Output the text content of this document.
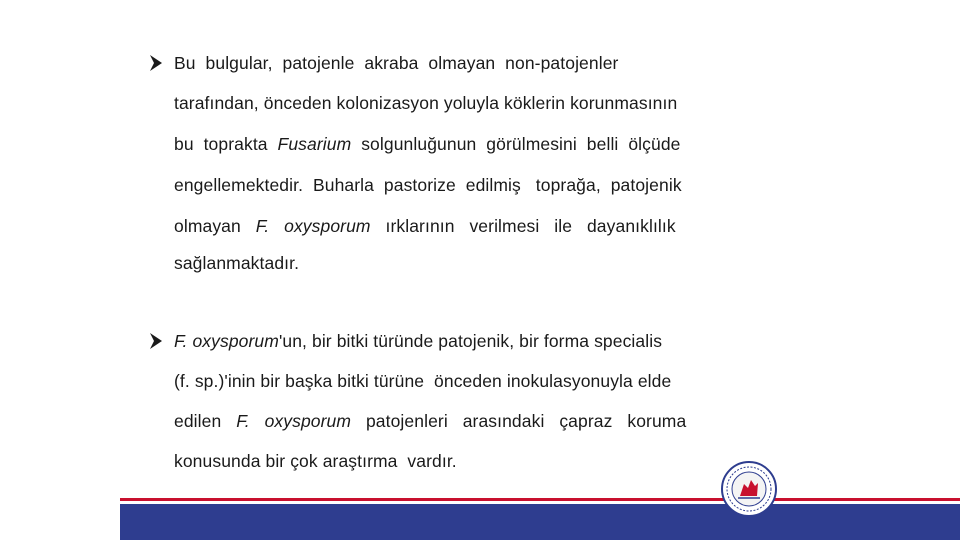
Bu  bulgular,  patojenle  akraba  olmayan  non-patojenler
tarafından, önceden kolonizasyon yoluyla köklerin korunmasının
bu  toprakta  Fusarium  solgunluğunun  görülmesini  belli  ölçüde
engellemektedir.  Buharla  pastorize  edilmiş   toprağa,  patojenik
olmayan   F.   oxysporum   ırklarının   verilmesi   ile   dayanıklılık
sağlanmaktadır.
F. oxysporum'un, bir bitki türünde patojenik, bir forma specialis
(f. sp.)'inin bir başka bitki türüne  önceden inokulasyonuyla elde
edilen   F.   oxysporum   patojenleri   arasındaki   çapraz   koruma
konusunda bir çok araştırma  vardır.
